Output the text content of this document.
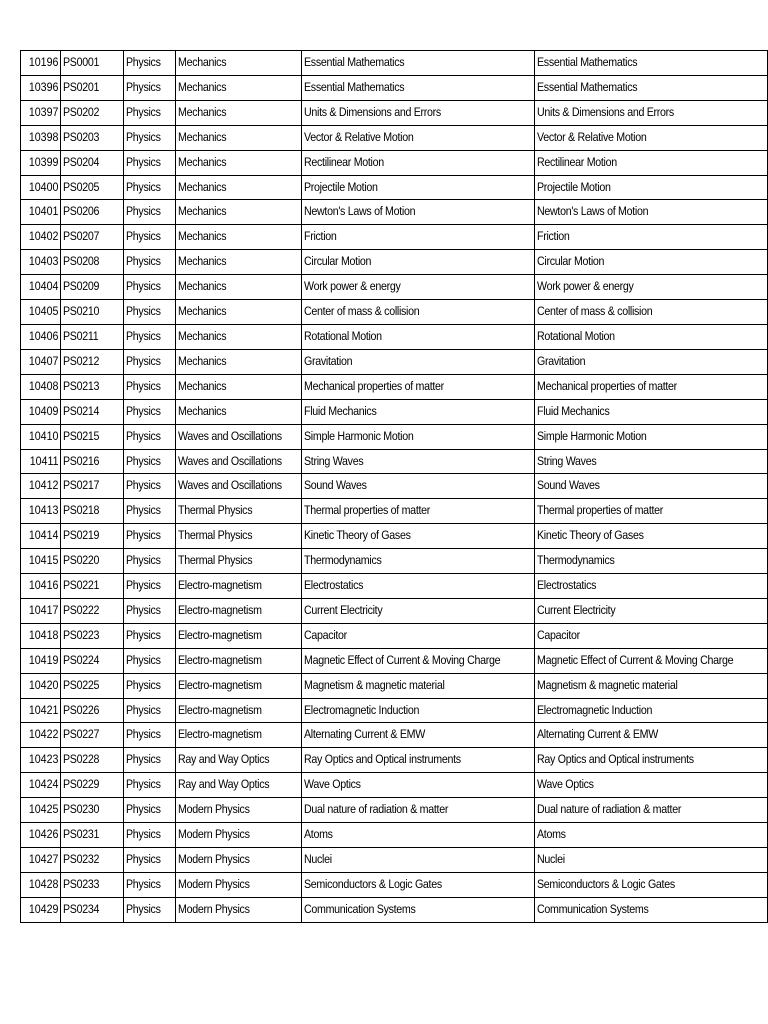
10196	PS0001	Physics	Mechanics	Essential Mathematics	Essential Mathematics
10396	PS0201	Physics	Mechanics	Essential Mathematics	Essential Mathematics
10397	PS0202	Physics	Mechanics	Units & Dimensions and Errors	Units & Dimensions and Errors
10398	PS0203	Physics	Mechanics	Vector & Relative Motion	Vector & Relative Motion
10399	PS0204	Physics	Mechanics	Rectilinear Motion	Rectilinear Motion
10400	PS0205	Physics	Mechanics	Projectile Motion	Projectile Motion
10401	PS0206	Physics	Mechanics	Newton's Laws of Motion	Newton's Laws of Motion
10402	PS0207	Physics	Mechanics	Friction	Friction
10403	PS0208	Physics	Mechanics	Circular Motion	Circular Motion
10404	PS0209	Physics	Mechanics	Work power & energy	Work power & energy
10405	PS0210	Physics	Mechanics	Center of mass & collision	Center of mass & collision
10406	PS0211	Physics	Mechanics	Rotational Motion	Rotational Motion
10407	PS0212	Physics	Mechanics	Gravitation	Gravitation
10408	PS0213	Physics	Mechanics	Mechanical properties of matter	Mechanical properties of matter
10409	PS0214	Physics	Mechanics	Fluid Mechanics	Fluid Mechanics
10410	PS0215	Physics	Waves and Oscillations	Simple Harmonic Motion	Simple Harmonic Motion
10411	PS0216	Physics	Waves and Oscillations	String Waves	String Waves
10412	PS0217	Physics	Waves and Oscillations	Sound Waves	Sound Waves
10413	PS0218	Physics	Thermal Physics	Thermal properties of matter	Thermal properties of matter
10414	PS0219	Physics	Thermal Physics	Kinetic Theory of Gases	Kinetic Theory of Gases
10415	PS0220	Physics	Thermal Physics	Thermodynamics	Thermodynamics
10416	PS0221	Physics	Electro-magnetism	Electrostatics	Electrostatics
10417	PS0222	Physics	Electro-magnetism	Current Electricity	Current Electricity
10418	PS0223	Physics	Electro-magnetism	Capacitor	Capacitor
10419	PS0224	Physics	Electro-magnetism	Magnetic Effect of Current & Moving Charge	Magnetic Effect of Current & Moving Charge
10420	PS0225	Physics	Electro-magnetism	Magnetism & magnetic material	Magnetism & magnetic material
10421	PS0226	Physics	Electro-magnetism	Electromagnetic Induction	Electromagnetic Induction
10422	PS0227	Physics	Electro-magnetism	Alternating Current & EMW	Alternating Current & EMW
10423	PS0228	Physics	Ray and Way Optics	Ray Optics and Optical instruments	Ray Optics and Optical instruments
10424	PS0229	Physics	Ray and Way Optics	Wave Optics	Wave Optics
10425	PS0230	Physics	Modern Physics	Dual nature of radiation & matter	Dual nature of radiation & matter
10426	PS0231	Physics	Modern Physics	Atoms	Atoms
10427	PS0232	Physics	Modern Physics	Nuclei	Nuclei
10428	PS0233	Physics	Modern Physics	Semiconductors & Logic Gates	Semiconductors & Logic Gates
10429	PS0234	Physics	Modern Physics	Communication Systems	Communication Systems
